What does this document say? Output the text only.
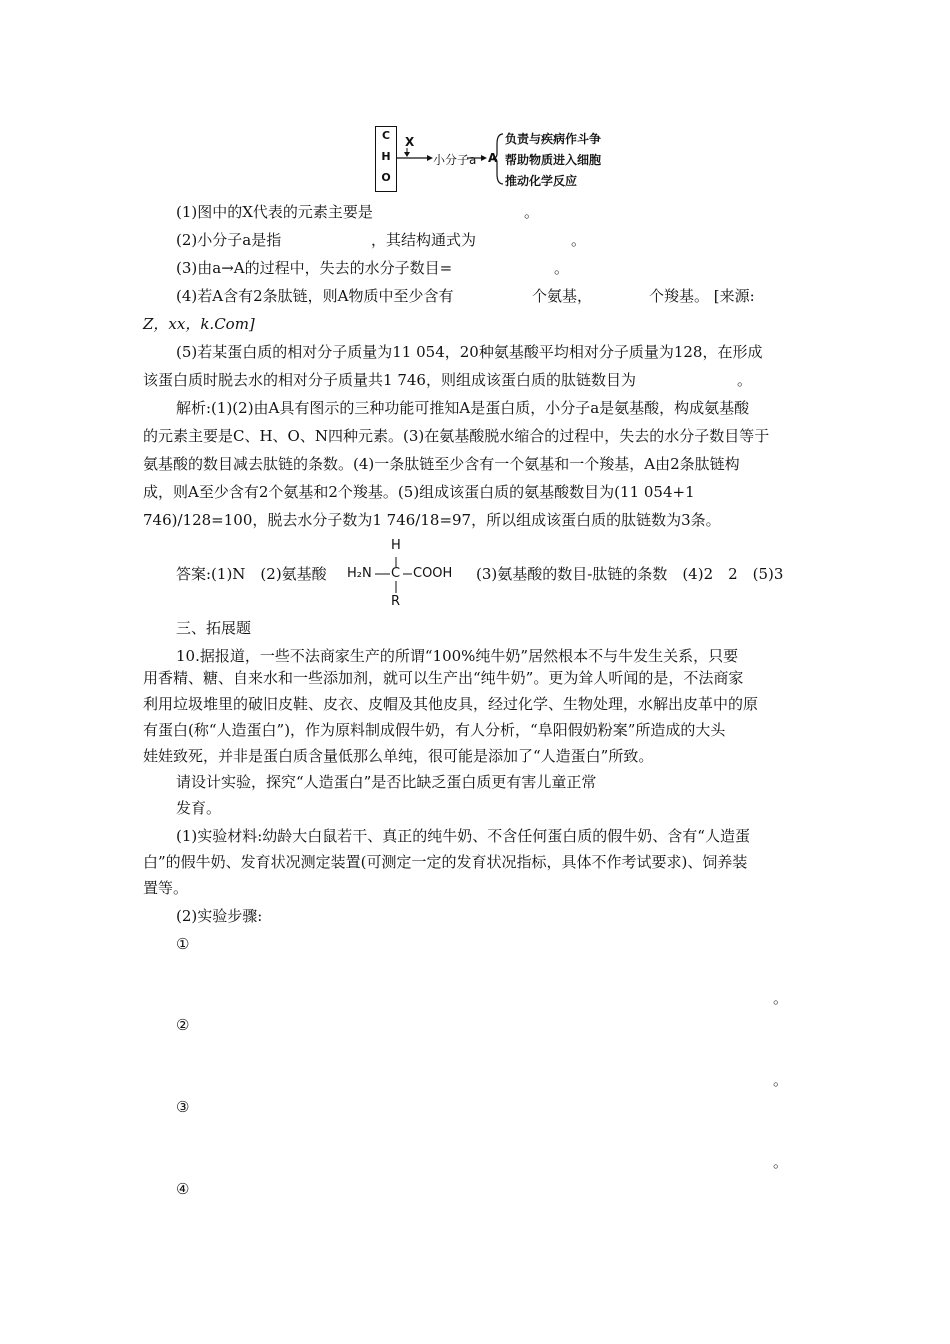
C
H
O
X
小分子a A
负责与疾病作斗争
帮助物质进入细胞
推动化学反应
(1)图中的X代表的元素主要是	。
(2)小分子a是指	，其结构通式为	。
(3)由a→A的过程中，失去的水分子数目=	。
(4)若A含有2条肽链，则A物质中至少含有	个氨基，	个羧基。 [来源:
Z，xx，k.Com]
(5)若某蛋白质的相对分子质量为11 054，20种氨基酸平均相对分子质量为128，在形成
该蛋白质时脱去水的相对分子质量共1 746，则组成该蛋白质的肽链数目为	。
解析:(1)(2)由A具有图示的三种功能可推知A是蛋白质，小分子a是氨基酸，构成氨基酸
的元素主要是C、H、O、N四种元素。(3)在氨基酸脱水缩合的过程中，失去的水分子数目等于
氨基酸的数目减去肽链的条数。(4)一条肽链至少含有一个氨基和一个羧基，A由2条肽链构
成，则A至少含有2个氨基和2个羧基。(5)组成该蛋白质的氨基酸数目为(11 054+1
746)/128=100，脱去水分子数为1 746/18=97，所以组成该蛋白质的肽链数为3条。
答案:(1)N　(2)氨基酸	(3)氨基酸的数目-肽链的条数　(4)2　2　(5)3
H
H₂N C COOH
R
三、拓展题
10.据报道，一些不法商家生产的所谓“100%纯牛奶”居然根本不与牛发生关系，只要
用香精、糖、自来水和一些添加剂，就可以生产出“纯牛奶”。更为耸人听闻的是，不法商家
利用垃圾堆里的破旧皮鞋、皮衣、皮帽及其他皮具，经过化学、生物处理，水解出皮革中的原
有蛋白(称“人造蛋白”)，作为原料制成假牛奶，有人分析，“阜阳假奶粉案”所造成的大头
娃娃致死，并非是蛋白质含量低那么单纯，很可能是添加了“人造蛋白”所致。
请设计实验，探究“人造蛋白”是否比缺乏蛋白质更有害儿童正常
发育。
(1)实验材料:幼龄大白鼠若干、真正的纯牛奶、不含任何蛋白质的假牛奶、含有“人造蛋
白”的假牛奶、发育状况测定装置(可测定一定的发育状况指标，具体不作考试要求)、饲养装
置等。
(2)实验步骤:
①
。
②
。
③
。
④
